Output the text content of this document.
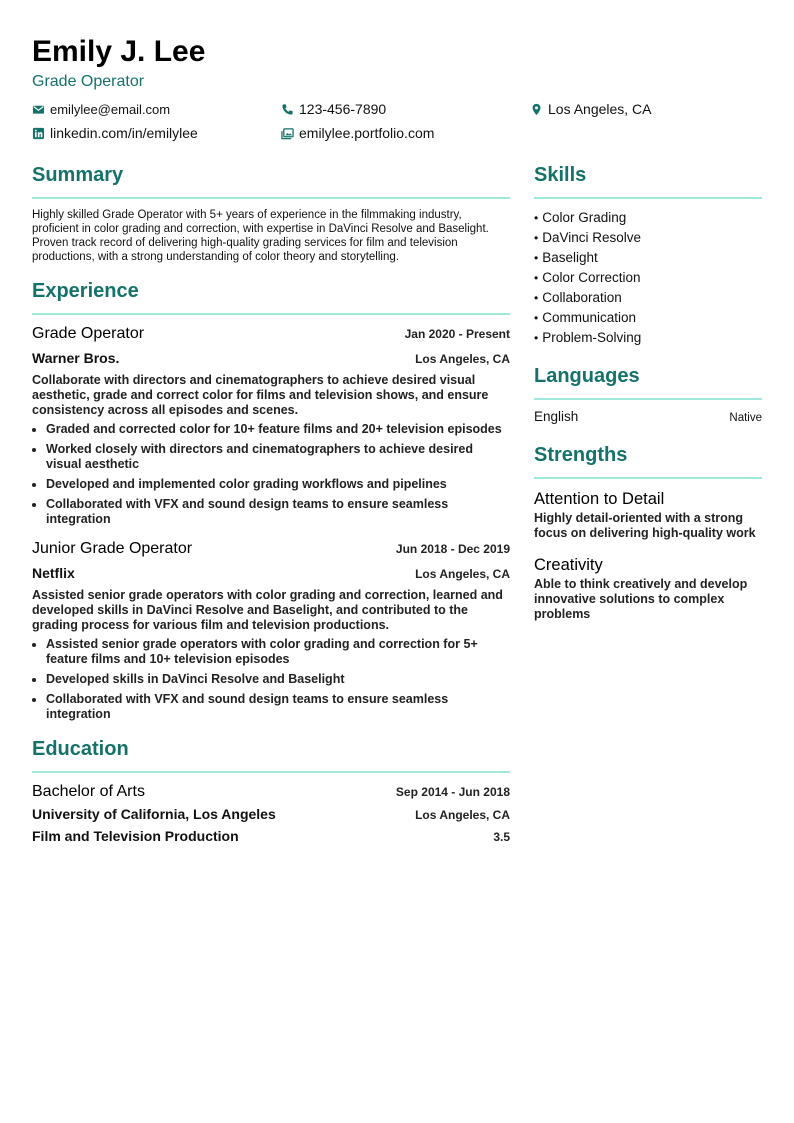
Emily J. Lee
Grade Operator
emilylee@email.com	123-456-7890	Los Angeles, CA
linkedin.com/in/emilylee	emilylee.portfolio.com
Summary
Highly skilled Grade Operator with 5+ years of experience in the filmmaking industry, proficient in color grading and correction, with expertise in DaVinci Resolve and Baselight. Proven track record of delivering high-quality grading services for film and television productions, with a strong understanding of color theory and storytelling.
Experience
Grade Operator	Jan 2020 - Present
Warner Bros.	Los Angeles, CA
Collaborate with directors and cinematographers to achieve desired visual aesthetic, grade and correct color for films and television shows, and ensure consistency across all episodes and scenes.
• Graded and corrected color for 10+ feature films and 20+ television episodes
• Worked closely with directors and cinematographers to achieve desired visual aesthetic
• Developed and implemented color grading workflows and pipelines
• Collaborated with VFX and sound design teams to ensure seamless integration
Junior Grade Operator	Jun 2018 - Dec 2019
Netflix	Los Angeles, CA
Assisted senior grade operators with color grading and correction, learned and developed skills in DaVinci Resolve and Baselight, and contributed to the grading process for various film and television productions.
• Assisted senior grade operators with color grading and correction for 5+ feature films and 10+ television episodes
• Developed skills in DaVinci Resolve and Baselight
• Collaborated with VFX and sound design teams to ensure seamless integration
Education
Bachelor of Arts	Sep 2014 - Jun 2018
University of California, Los Angeles	Los Angeles, CA
Film and Television Production	3.5
Skills
• Color Grading
• DaVinci Resolve
• Baselight
• Color Correction
• Collaboration
• Communication
• Problem-Solving
Languages
English	Native
Strengths
Attention to Detail
Highly detail-oriented with a strong focus on delivering high-quality work
Creativity
Able to think creatively and develop innovative solutions to complex problems
